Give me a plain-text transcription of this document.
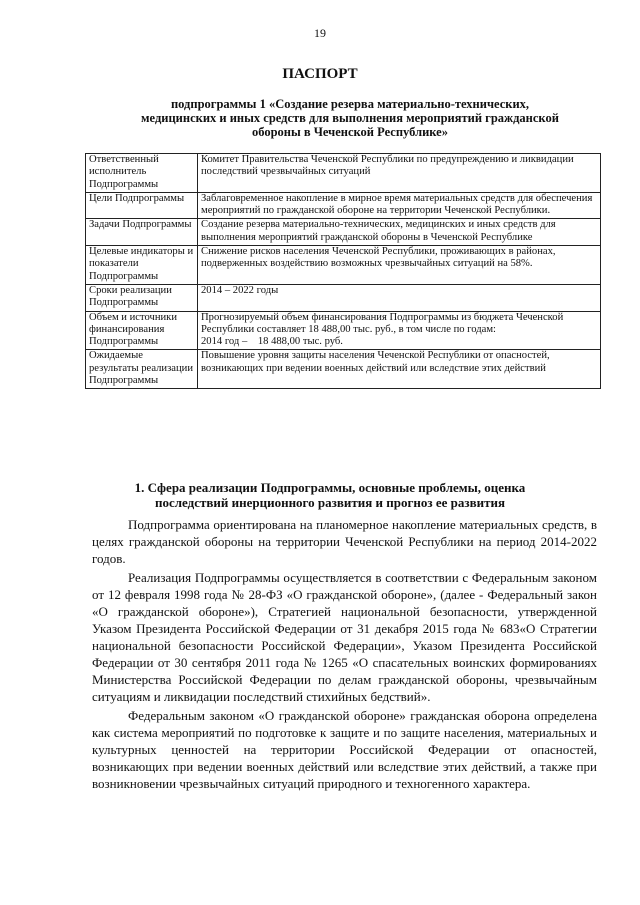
19
ПАСПОРТ
подпрограммы 1 «Создание резерва материально-технических, медицинских и иных средств для выполнения мероприятий гражданской обороны в Чеченской Республике»
Ответственный исполнитель Подпрограммы	Комитет Правительства Чеченской Республики по предупреждению и ликвидации последствий чрезвычайных ситуаций
Цели Подпрограммы	Заблаговременное накопление в мирное время материальных средств для обеспечения мероприятий по гражданской обороне на территории Чеченской Республики.
Задачи Подпрограммы	Создание резерва материально-технических, медицинских и иных средств для выполнения мероприятий гражданской обороны в Чеченской Республике
Целевые индикаторы и показатели Подпрограммы	Снижение рисков населения Чеченской Республики, проживающих в районах, подверженных воздействию возможных чрезвычайных ситуаций на 58%.
Сроки реализации Подпрограммы	2014 – 2022 годы
Объем и источники финансирования Подпрограммы	Прогнозируемый объем финансирования Подпрограммы из бюджета Чеченской Республики составляет 18 488,00 тыс. руб., в том числе по годам:
2014 год –    18 488,00 тыс. руб.

Ожидаемые результаты реализации Подпрограммы	Повышение уровня защиты населения Чеченской Республики от опасностей, возникающих при ведении военных действий или вследствие этих действий
1. Сфера реализации Подпрограммы, основные проблемы, оценка последствий инерционного развития и прогноз ее развития

Подпрограмма ориентирована на планомерное накопление материальных средств, в целях гражданской обороны на территории Чеченской Республики на период 2014-2022 годов.

Реализация Подпрограммы осуществляется в соответствии с Федеральным законом от 12 февраля 1998 года № 28-ФЗ «О гражданской обороне», (далее - Федеральный закон «О гражданской обороне»), Стратегией национальной безопасности, утвержденной Указом Президента Российской Федерации от 31 декабря 2015 года № 683«О Стратегии национальной безопасности Российской Федерации», Указом Президента Российской Федерации от 30 сентября 2011 года № 1265 «О спасательных воинских формированиях Министерства Российской Федерации по делам гражданской обороны, чрезвычайным ситуациям и ликвидации последствий стихийных бедствий».

Федеральным законом «О гражданской обороне» гражданская оборона определена как система мероприятий по подготовке к защите и по защите населения, материальных и культурных ценностей на территории Российской Федерации от опасностей, возникающих при ведении военных действий или вследствие этих действий, а также при возникновении чрезвычайных ситуаций природного и техногенного характера.
